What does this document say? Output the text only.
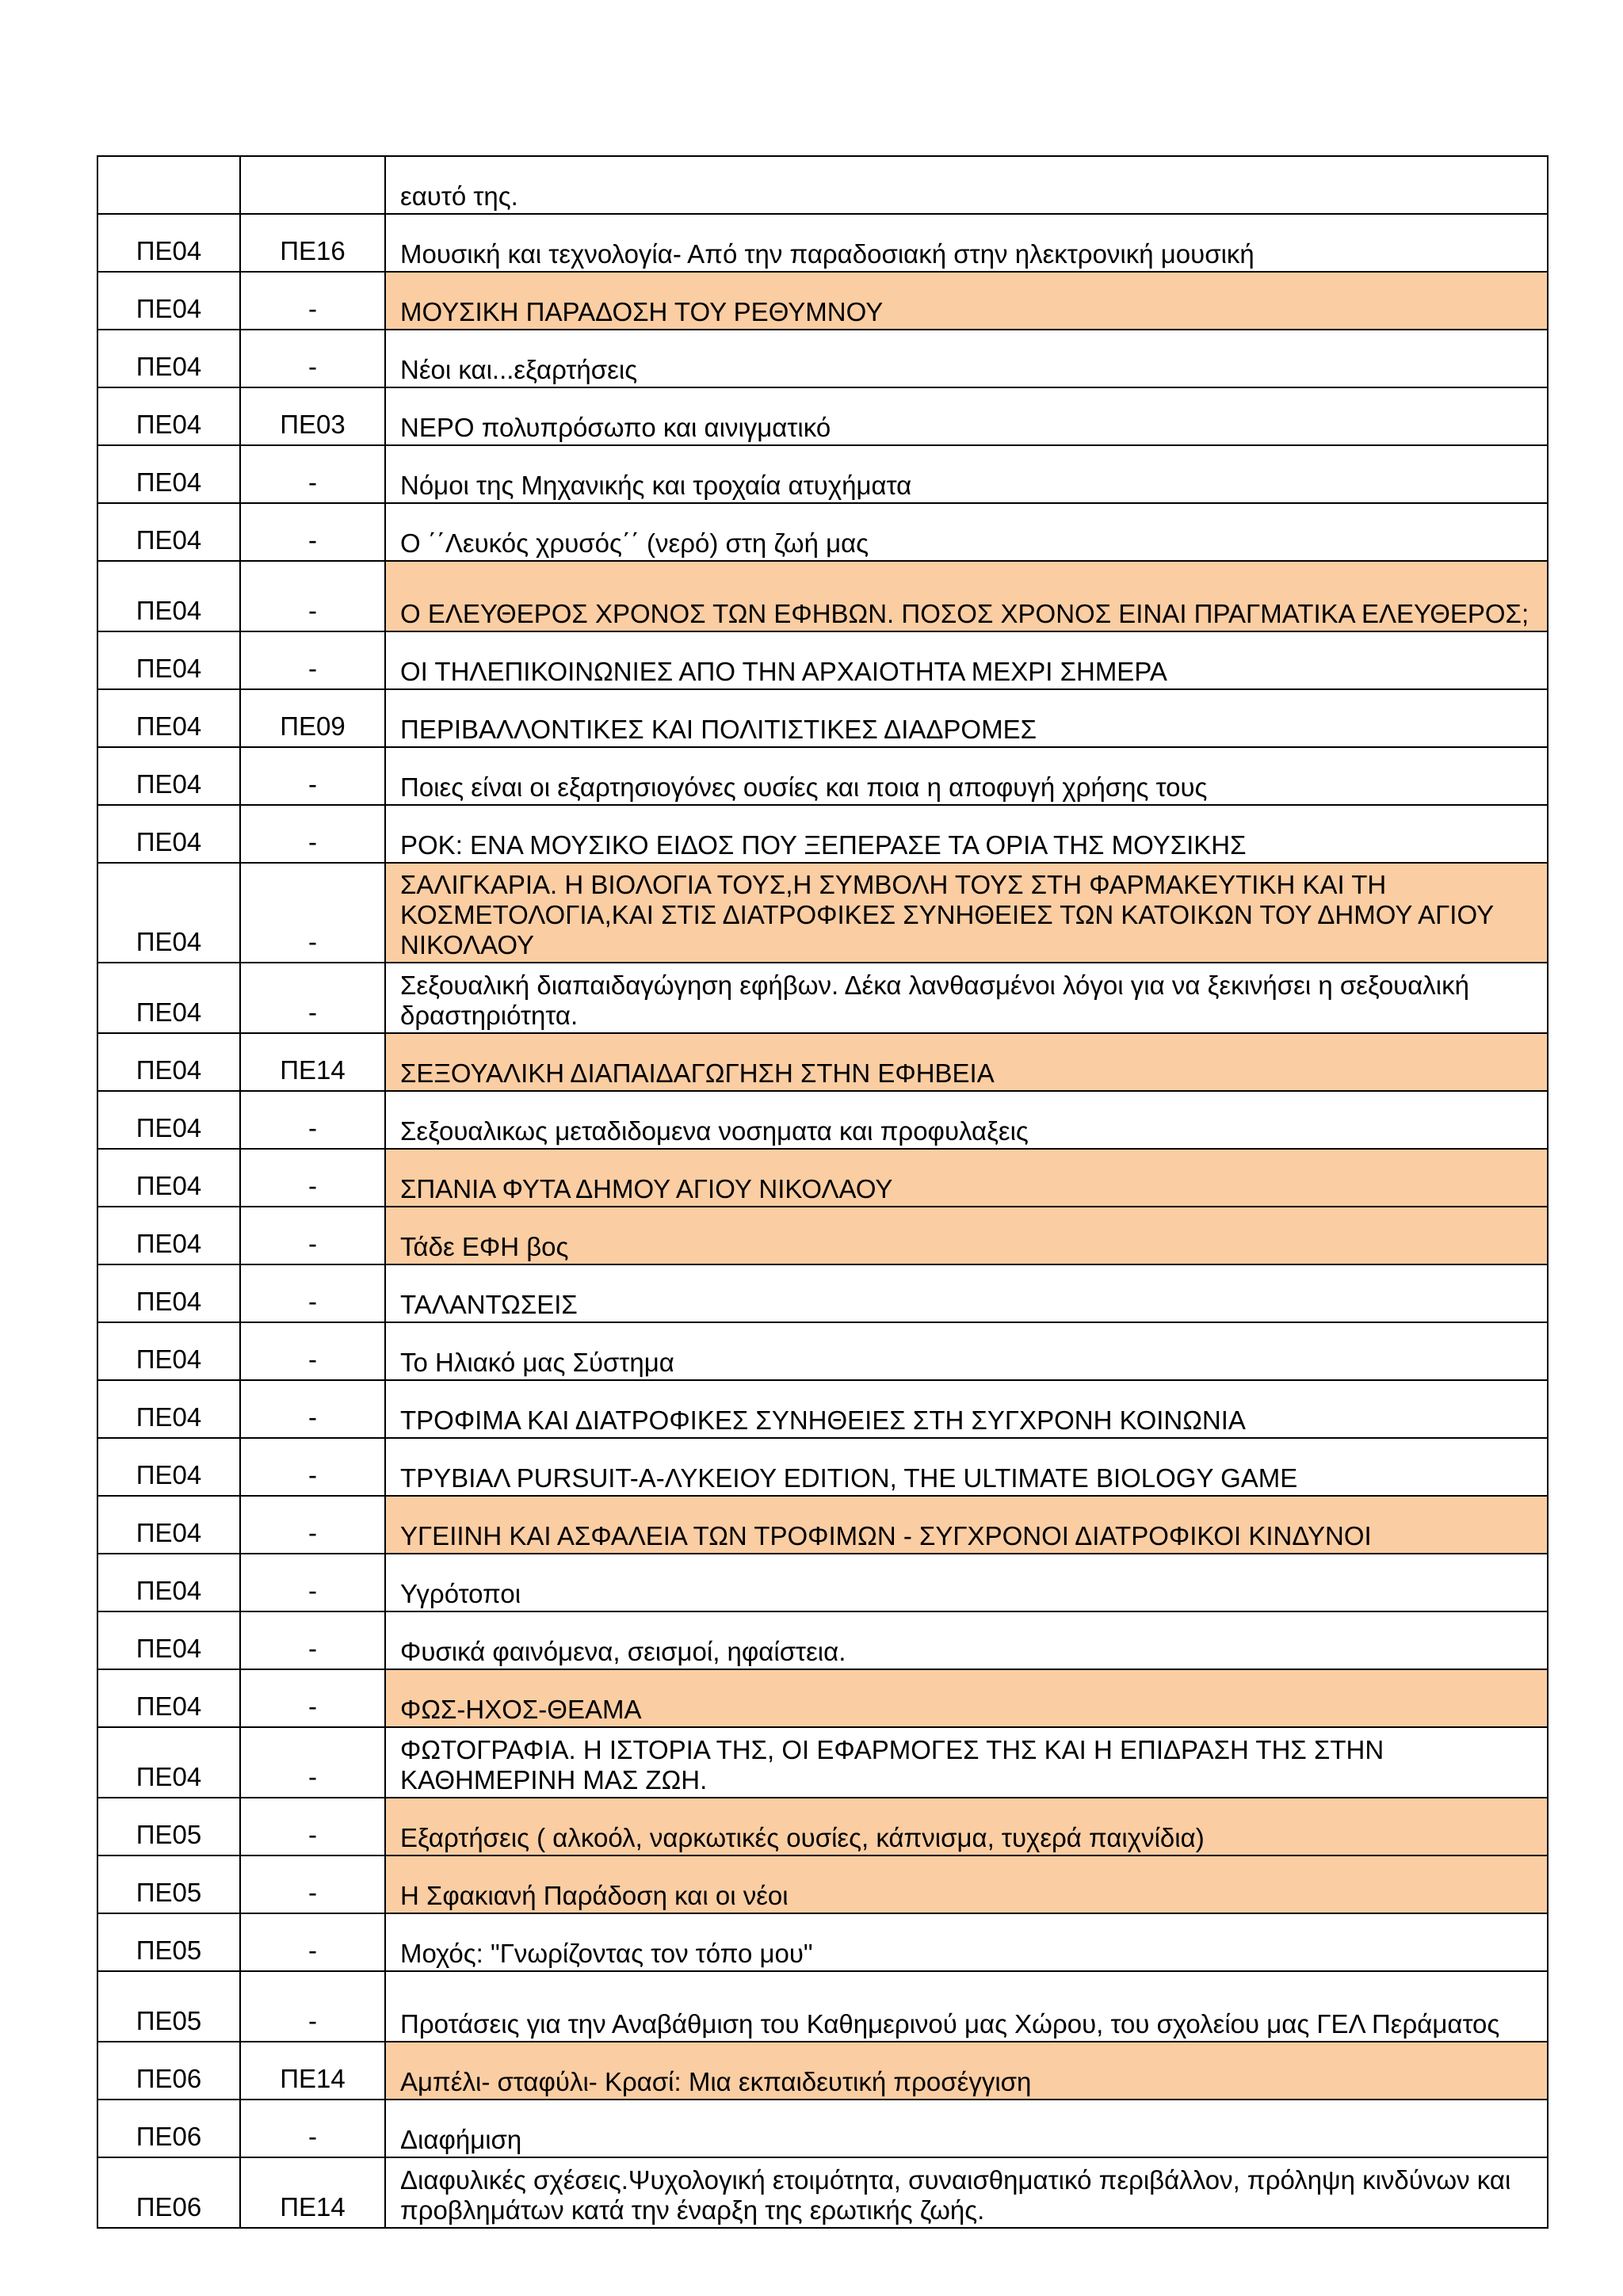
		εαυτό της.
ΠΕ04	ΠΕ16	Μουσική και τεχνολογία- Από την παραδοσιακή στην ηλεκτρονική μουσική
ΠΕ04	-	ΜΟΥΣΙΚΗ ΠΑΡΑΔΟΣΗ ΤΟΥ ΡΕΘΥΜΝΟΥ
ΠΕ04	-	Νέοι και...εξαρτήσεις
ΠΕ04	ΠΕ03	ΝΕΡΟ πολυπρόσωπο και αινιγματικό
ΠΕ04	-	Νόμοι της Μηχανικής και τροχαία ατυχήματα
ΠΕ04	-	Ο ΄΄Λευκός χρυσός΄΄ (νερό) στη ζωή μας
ΠΕ04	-	Ο ΕΛΕΥΘΕΡΟΣ ΧΡΟΝΟΣ ΤΩΝ ΕΦΗΒΩΝ. ΠΟΣΟΣ ΧΡΟΝΟΣ ΕΙΝΑΙ ΠΡΑΓΜΑΤΙΚΑ ΕΛΕΥΘΕΡΟΣ;
ΠΕ04	-	ΟΙ ΤΗΛΕΠΙΚΟΙΝΩΝΙΕΣ ΑΠΟ ΤΗΝ ΑΡΧΑΙΟΤΗΤΑ ΜΕΧΡΙ ΣΗΜΕΡΑ
ΠΕ04	ΠΕ09	ΠΕΡΙΒΑΛΛΟΝΤΙΚΕΣ ΚΑΙ ΠΟΛΙΤΙΣΤΙΚΕΣ ΔΙΑΔΡΟΜΕΣ
ΠΕ04	-	Ποιες είναι οι εξαρτησιογόνες ουσίες και ποια η αποφυγή χρήσης τους
ΠΕ04	-	ΡΟΚ: ΕΝΑ ΜΟΥΣΙΚΟ ΕΙΔΟΣ ΠΟΥ ΞΕΠΕΡΑΣΕ ΤΑ ΟΡΙΑ ΤΗΣ ΜΟΥΣΙΚΗΣ
ΠΕ04	-	ΣΑΛΙΓΚΑΡΙΑ. Η ΒΙΟΛΟΓΙΑ ΤΟΥΣ,Η ΣΥΜΒΟΛΗ ΤΟΥΣ ΣΤΗ ΦΑΡΜΑΚΕΥΤΙΚΗ ΚΑΙ ΤΗ ΚΟΣΜΕΤΟΛΟΓΙΑ,ΚΑΙ ΣΤΙΣ ΔΙΑΤΡΟΦΙΚΕΣ ΣΥΝΗΘΕΙΕΣ ΤΩΝ ΚΑΤΟΙΚΩΝ ΤΟΥ ΔΗΜΟΥ ΑΓΙΟΥ ΝΙΚΟΛΑΟΥ
ΠΕ04	-	Σεξουαλική διαπαιδαγώγηση εφήβων. Δέκα λανθασμένοι λόγοι για να ξεκινήσει η σεξουαλική δραστηριότητα.
ΠΕ04	ΠΕ14	ΣΕΞΟΥΑΛΙΚΗ ΔΙΑΠΑΙΔΑΓΩΓΗΣΗ ΣΤΗΝ ΕΦΗΒΕΙΑ
ΠΕ04	-	Σεξουαλικως μεταδιδομενα νοσηματα και προφυλαξεις
ΠΕ04	-	ΣΠΑΝΙΑ ΦΥΤΑ ΔΗΜΟΥ ΑΓΙΟΥ ΝΙΚΟΛΑΟΥ
ΠΕ04	-	Τάδε ΕΦΗ βος
ΠΕ04	-	ΤΑΛΑΝΤΩΣΕΙΣ
ΠΕ04	-	Το Ηλιακό μας Σύστημα
ΠΕ04	-	ΤΡΟΦΙΜΑ ΚΑΙ ΔΙΑΤΡΟΦΙΚΕΣ ΣΥΝΗΘΕΙΕΣ ΣΤΗ ΣΥΓΧΡΟΝΗ ΚΟΙΝΩΝΙΑ
ΠΕ04	-	ΤΡΥΒΙΑΛ PURSUIT-Α-ΛΥΚΕΙΟΥ EDITION, THE ULTIMATE BIOLOGY GAME
ΠΕ04	-	ΥΓΕΙΙΝΗ ΚΑΙ ΑΣΦΑΛΕΙΑ ΤΩΝ ΤΡΟΦΙΜΩΝ - ΣΥΓΧΡΟΝΟΙ ΔΙΑΤΡΟΦΙΚΟΙ ΚΙΝΔΥΝΟΙ
ΠΕ04	-	Υγρότοποι
ΠΕ04	-	Φυσικά φαινόμενα, σεισμοί, ηφαίστεια.
ΠΕ04	-	ΦΩΣ-ΗΧΟΣ-ΘΕΑΜΑ
ΠΕ04	-	ΦΩΤΟΓΡΑΦΙΑ. Η ΙΣΤΟΡΙΑ ΤΗΣ, ΟΙ ΕΦΑΡΜΟΓΕΣ ΤΗΣ ΚΑΙ Η ΕΠΙΔΡΑΣΗ ΤΗΣ ΣΤΗΝ ΚΑΘΗΜΕΡΙΝΗ ΜΑΣ ΖΩΗ.
ΠΕ05	-	Εξαρτήσεις ( αλκοόλ, ναρκωτικές ουσίες, κάπνισμα, τυχερά παιχνίδια)
ΠΕ05	-	Η Σφακιανή Παράδοση και οι νέοι
ΠΕ05	-	Μοχός: "Γνωρίζοντας τον τόπο μου"
ΠΕ05	-	Προτάσεις για την Αναβάθμιση του Καθημερινού μας Χώρου, του σχολείου μας ΓΕΛ Περάματος
ΠΕ06	ΠΕ14	Αμπέλι- σταφύλι- Κρασί: Μια εκπαιδευτική προσέγγιση
ΠΕ06	-	Διαφήμιση
ΠΕ06	ΠΕ14	Διαφυλικές σχέσεις.Ψυχολογική ετοιμότητα, συναισθηματικό περιβάλλον, πρόληψη κινδύνων και προβλημάτων κατά την έναρξη της ερωτικής ζωής.
